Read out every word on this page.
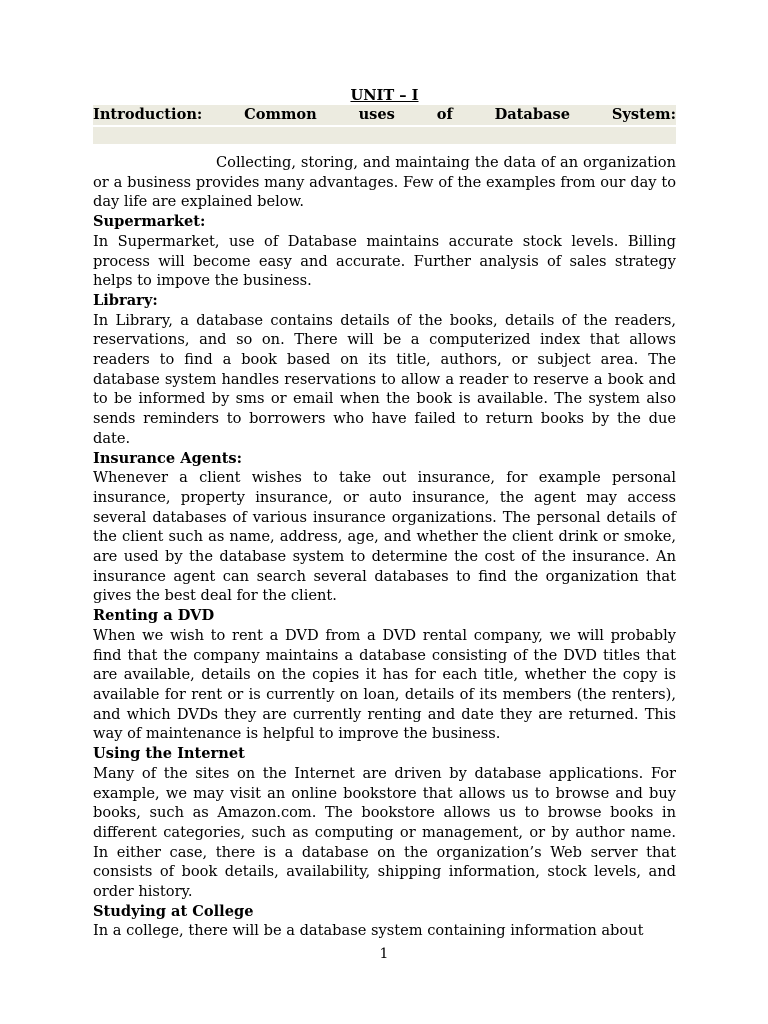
UNIT – I
Introduction:	Common	uses	of	Database	System:

Collecting, storing, and maintaing the data of an organization or a business provides many advantages. Few of the examples from our day to day life are explained below.

Supermarket:

In Supermarket, use of Database maintains accurate stock levels. Billing process will become easy and accurate. Further analysis of sales strategy helps to impove the business.

Library:

In Library, a database contains details of the books, details of the readers, reservations, and so on. There will be a computerized index that allows readers to find a book based on its title, authors, or subject area. The database system handles reservations to allow a reader to reserve a book and to be informed by sms or email when the book is available. The system also sends reminders to borrowers who have failed to return books by the due date.

Insurance Agents:

Whenever a client wishes to take out insurance, for example personal insurance, property insurance, or auto insurance, the agent may access several databases of various insurance organizations. The personal details of the client such as name, address, age, and whether the client drink or smoke, are used by the database system to determine the cost of the insurance. An insurance agent can search several databases to find the organization that gives the best deal for the client.

Renting a DVD

When we wish to rent a DVD from a DVD rental company, we will probably find that the company maintains a database consisting of the DVD titles that are available, details on the copies it has for each title, whether the copy is available for rent or is currently on loan, details of its members (the renters), and which DVDs they are currently renting and date they are returned. This way of maintenance is helpful to improve the business.

Using the Internet

Many of the sites on the Internet are driven by database applications. For example, we may visit an online bookstore that allows us to browse and buy books, such as Amazon.com. The bookstore allows us to browse books in different categories, such as computing or management, or by author name. In either case, there is a database on the organization’s Web server that consists of book details, availability, shipping information, stock levels, and order history.

Studying at College

In a college, there will be a database system containing information about

1
